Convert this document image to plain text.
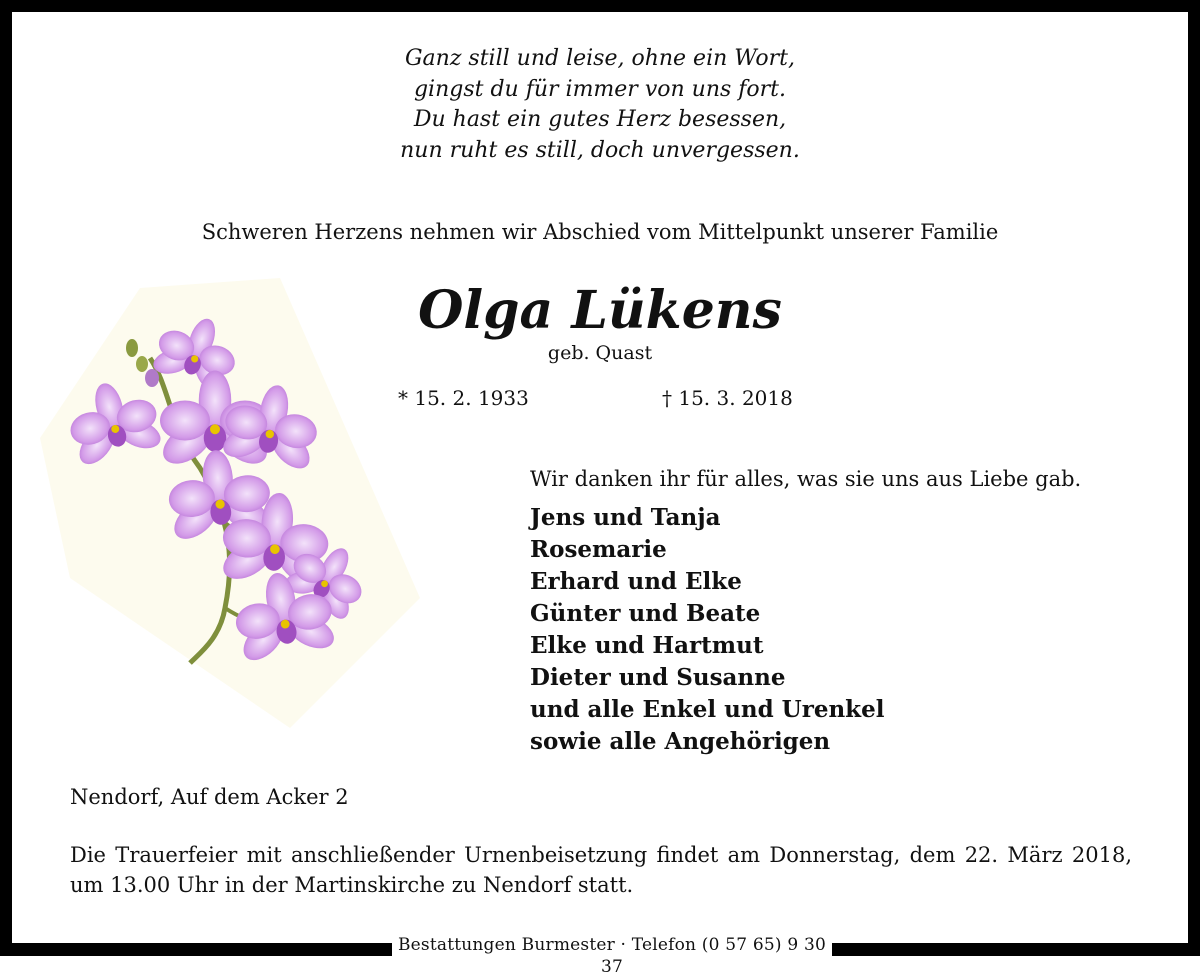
Ganz still und leise, ohne ein Wort,
gingst du für immer von uns fort.
Du hast ein gutes Herz besessen,
nun ruht es still, doch unvergessen.
Schweren Herzens nehmen wir Abschied vom Mittelpunkt unserer Familie
Olga Lükens
geb. Quast
* 15. 2. 1933	† 15. 3. 2018
Wir danken ihr für alles, was sie uns aus Liebe gab.
Jens und Tanja
Rosemarie
Erhard und Elke
Günter und Beate
Elke und Hartmut
Dieter und Susanne
und alle Enkel und Urenkel
sowie alle Angehörigen
Nendorf, Auf dem Acker 2
Die Trauerfeier mit anschließender Urnenbeisetzung findet am Donnerstag, dem 22. März 2018, um 13.00 Uhr in der Martinskirche zu Nendorf statt.
Bestattungen Burmester · Telefon (0 57 65) 9 30 37
